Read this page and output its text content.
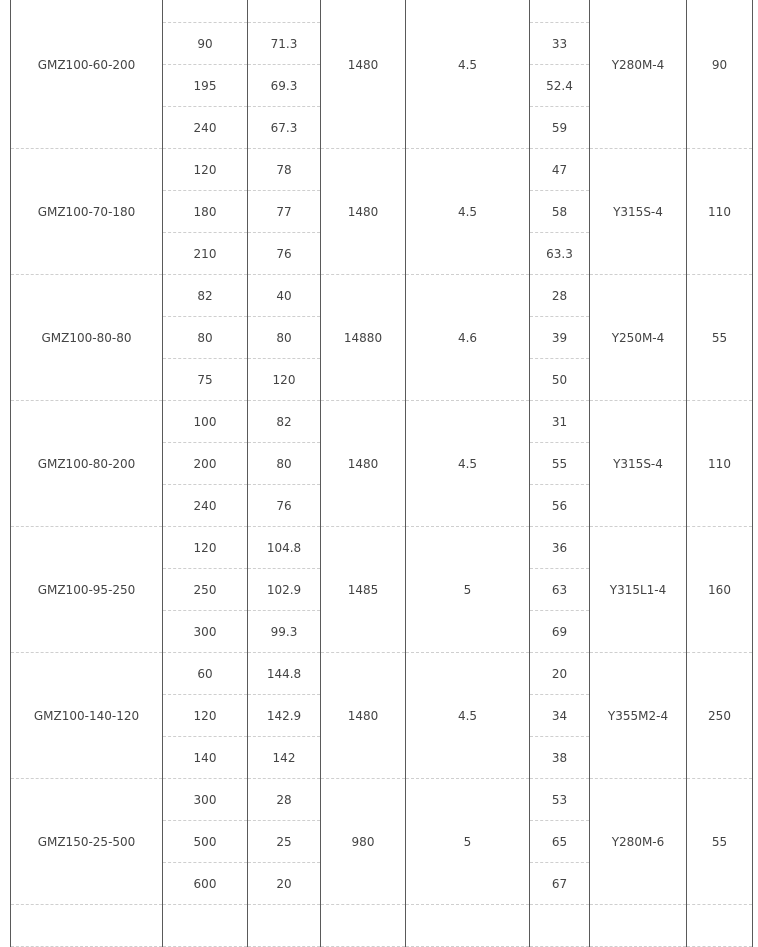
GMZ100-60-200			1480	4.5		Y280M-4	90
	90	71.3			33		
	195	69.3			52.4		
	240	67.3			59		
GMZ100-70-180	120	78	1480	4.5	47	Y315S-4	110
	180	77			58		
	210	76			63.3		
GMZ100-80-80	82	40	14880	4.6	28	Y250M-4	55
	80	80			39		
	75	120			50		
GMZ100-80-200	100	82	1480	4.5	31	Y315S-4	110
	200	80			55		
	240	76			56		
GMZ100-95-250	120	104.8	1485	5	36	Y315L1-4	160
	250	102.9			63		
	300	99.3			69		
GMZ100-140-120	60	144.8	1480	4.5	20	Y355M2-4	250
	120	142.9			34		
	140	142			38		
GMZ150-25-500	300	28	980	5	53	Y280M-6	55
	500	25			65		
	600	20			67		
